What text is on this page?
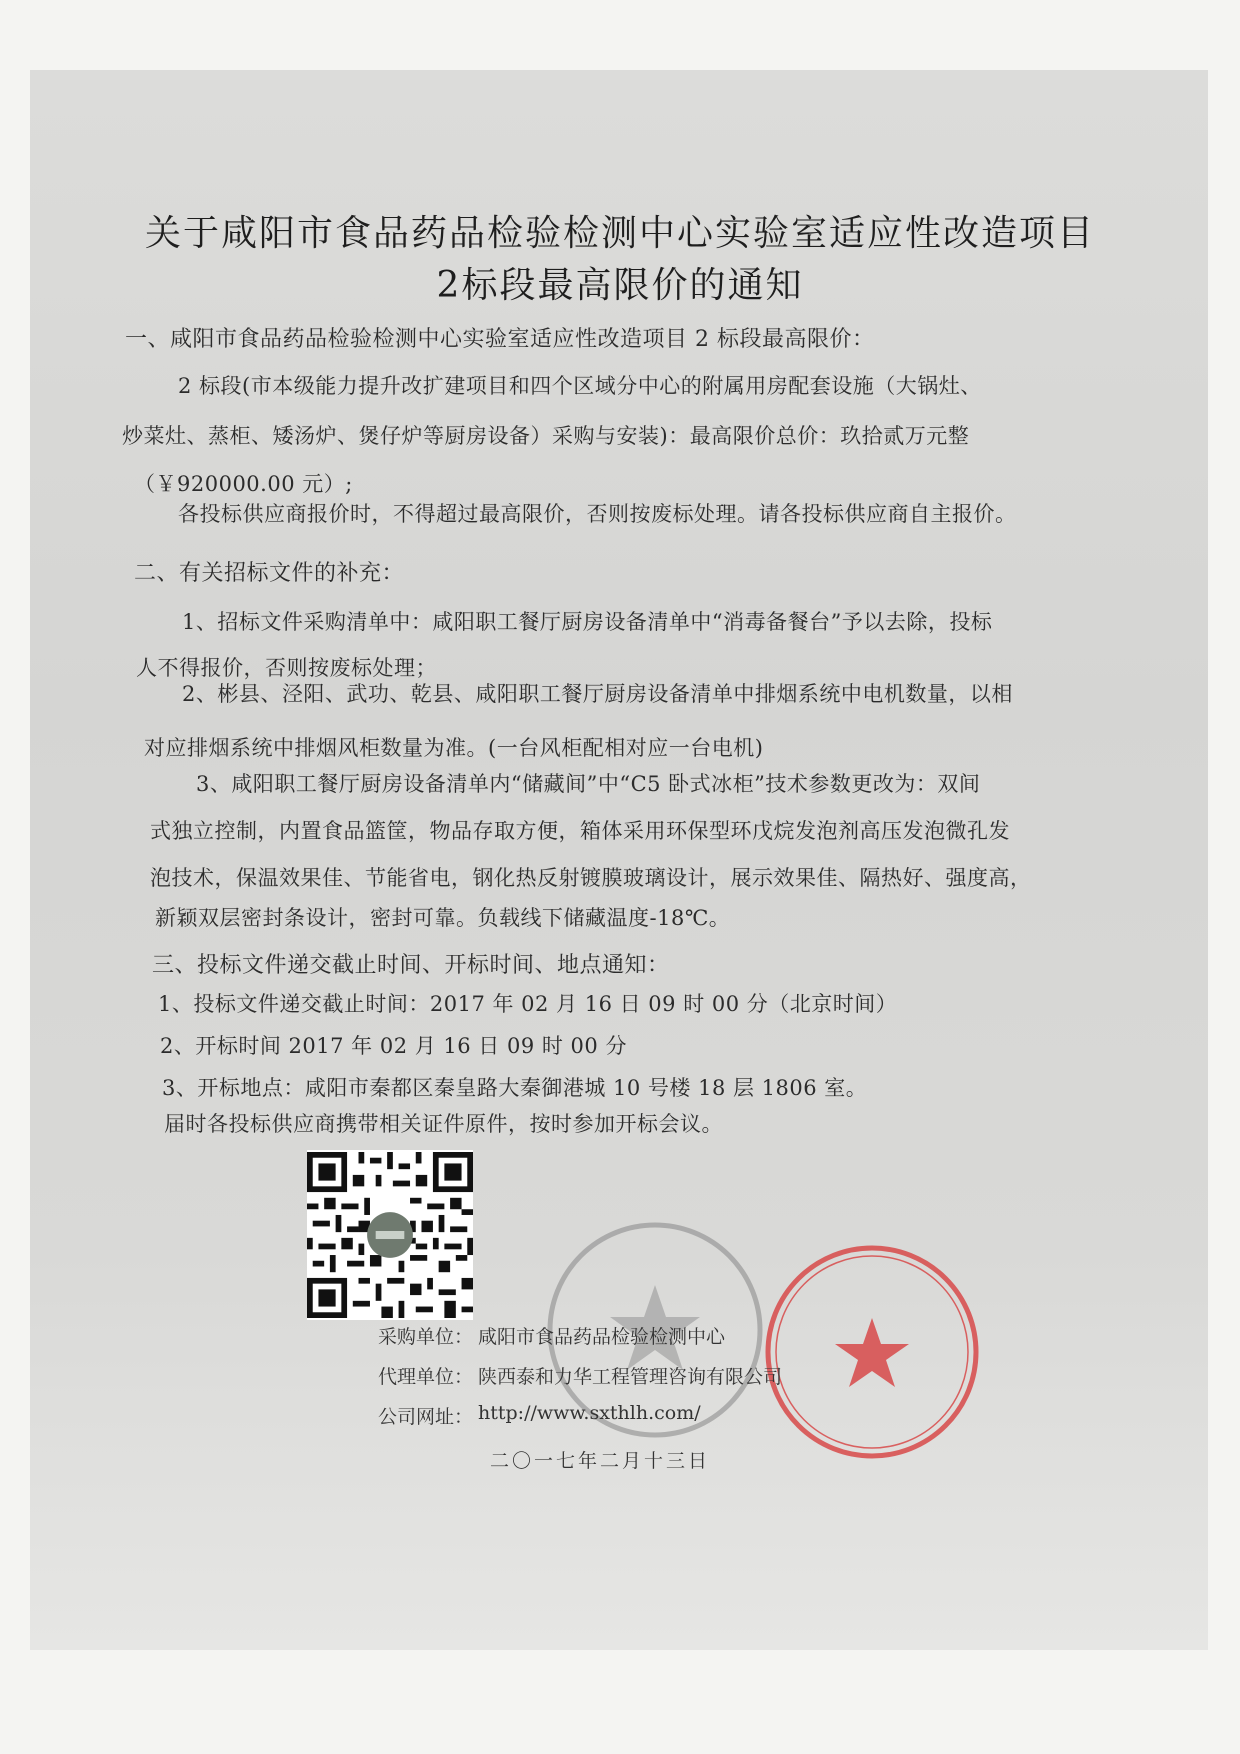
关于咸阳市食品药品检验检测中心实验室适应性改造项目
2标段最高限价的通知
一、咸阳市食品药品检验检测中心实验室适应性改造项目 2 标段最高限价：
2 标段(市本级能力提升改扩建项目和四个区域分中心的附属用房配套设施（大锅灶、
炒菜灶、蒸柜、矮汤炉、煲仔炉等厨房设备）采购与安装)：最高限价总价：玖拾贰万元整
（￥920000.00 元）;
各投标供应商报价时，不得超过最高限价，否则按废标处理。请各投标供应商自主报价。
二、有关招标文件的补充：
1、招标文件采购清单中：咸阳职工餐厅厨房设备清单中“消毒备餐台”予以去除，投标
人不得报价，否则按废标处理；
2、彬县、泾阳、武功、乾县、咸阳职工餐厅厨房设备清单中排烟系统中电机数量，以相
对应排烟系统中排烟风柜数量为准。(一台风柜配相对应一台电机)
3、咸阳职工餐厅厨房设备清单内“储藏间”中“C5 卧式冰柜”技术参数更改为：双间
式独立控制，内置食品篮筐，物品存取方便，箱体采用环保型环戊烷发泡剂高压发泡微孔发
泡技术，保温效果佳、节能省电，钢化热反射镀膜玻璃设计，展示效果佳、隔热好、强度高，
新颖双层密封条设计，密封可靠。负载线下储藏温度-18℃。
三、投标文件递交截止时间、开标时间、地点通知：
1、投标文件递交截止时间：2017 年 02 月 16 日 09 时 00 分（北京时间）
2、开标时间 2017 年 02 月 16 日 09 时 00 分
3、开标地点：咸阳市秦都区秦皇路大秦御港城 10 号楼 18 层 1806 室。
届时各投标供应商携带相关证件原件，按时参加开标会议。
采购单位： 咸阳市食品药品检验检测中心
代理单位： 陕西泰和力华工程管理咨询有限公司
公司网址： http://www.sxthlh.com/
二〇一七年二月十三日
